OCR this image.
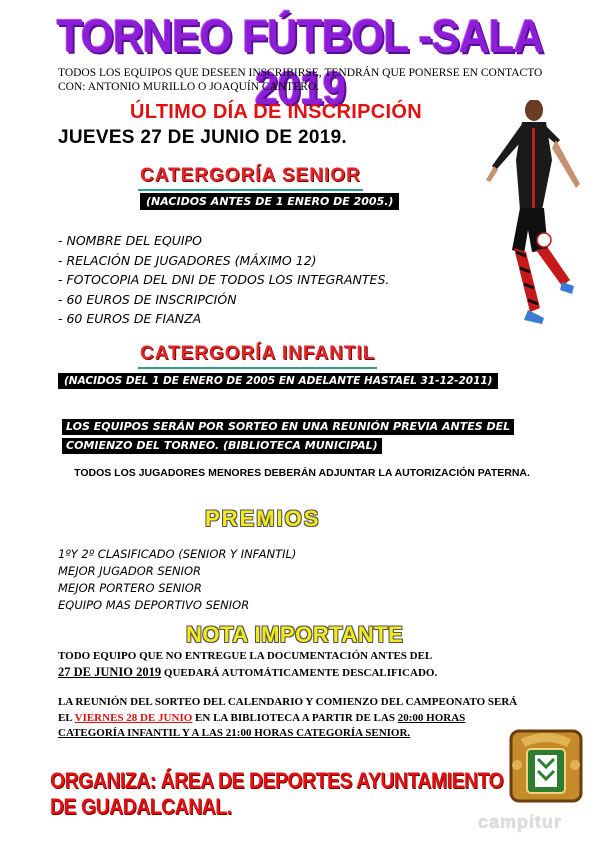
TORNEO FÚTBOL -SALA 2019
TODOS LOS EQUIPOS QUE DESEEN INSCRIBIRSE, TENDRÁN QUE PONERSE EN CONTACTO CON: ANTONIO MURILLO O JOAQUÍN CANTERO.
ÚLTIMO DÍA DE INSCRIPCIÓN
JUEVES 27 DE JUNIO DE 2019.
CATERGORÍA SENIOR
(NACIDOS ANTES DE 1 ENERO DE 2005.)
- NOMBRE DEL EQUIPO
- RELACIÓN DE JUGADORES (MÁXIMO 12)
- FOTOCOPIA DEL DNI DE TODOS LOS INTEGRANTES.
- 60 EUROS DE INSCRIPCIÓN
- 60 EUROS DE FIANZA
CATERGORÍA INFANTIL
(NACIDOS DEL 1 DE ENERO DE 2005 EN ADELANTE HASTAEL 31-12-2011)
LOS EQUIPOS SERÁN POR SORTEO EN UNA REUNIÓN PREVIA ANTES DEL
COMIENZO DEL TORNEO. (BIBLIOTECA MUNICIPAL)
TODOS LOS JUGADORES MENORES DEBERÁN ADJUNTAR LA AUTORIZACIÓN PATERNA.
PREMIOS
1ºY 2º CLASIFICADO (SENIOR Y INFANTIL)
MEJOR JUGADOR SENIOR
MEJOR PORTERO SENIOR
EQUIPO MAS DEPORTIVO SENIOR
NOTA IMPORTANTE
TODO EQUIPO QUE NO ENTREGUE LA DOCUMENTACIÓN ANTES DEL
27 DE JUNIO 2019 QUEDARÁ AUTOMÁTICAMENTE DESCALIFICADO.
LA REUNIÓN DEL SORTEO DEL CALENDARIO Y COMIENZO DEL CAMPEONATO SERÁ EL VIERNES 28 DE JUNIO EN LA BIBLIOTECA A PARTIR DE LAS 20:00 HORAS CATEGORÍA INFANTIL Y A LAS 21:00 HORAS CATEGORÍA SENIOR.
ORGANIZA: ÁREA DE DEPORTES AYUNTAMIENTO DE GUADALCANAL.
campitur
